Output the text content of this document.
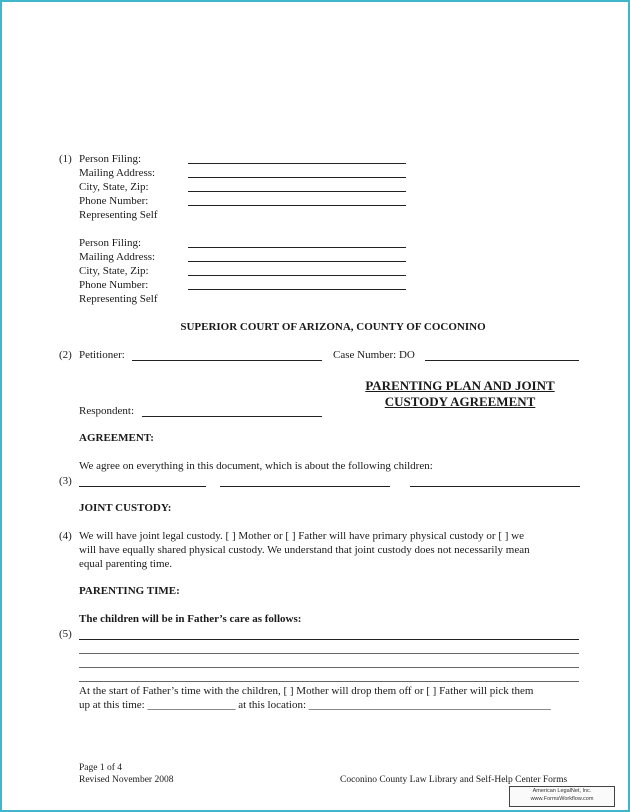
(1) Person Filing:
Mailing Address:
City, State, Zip:
Phone Number:
Representing Self
Person Filing:
Mailing Address:
City, State, Zip:
Phone Number:
Representing Self
SUPERIOR COURT OF ARIZONA, COUNTY OF COCONINO
(2) Petitioner:	Case Number: DO
PARENTING PLAN AND JOINT
CUSTODY AGREEMENT
Respondent:
AGREEMENT:
We agree on everything in this document, which is about the following children:
(3)
JOINT CUSTODY:
(4) We will have joint legal custody. [ ] Mother or [ ] Father will have primary physical custody or [ ] we
will have equally shared physical custody. We understand that joint custody does not necessarily mean
equal parenting time.
PARENTING TIME:
The children will be in Father’s care as follows:
(5)
At the start of Father’s time with the children, [ ] Mother will drop them off or [ ] Father will pick them
up at this time: ________________ at this location: ____________________________________________
Page 1 of 4
Revised November 2008	Coconino County Law Library and Self-Help Center Forms
American LegalNet, Inc.
www.FormsWorkflow.com
